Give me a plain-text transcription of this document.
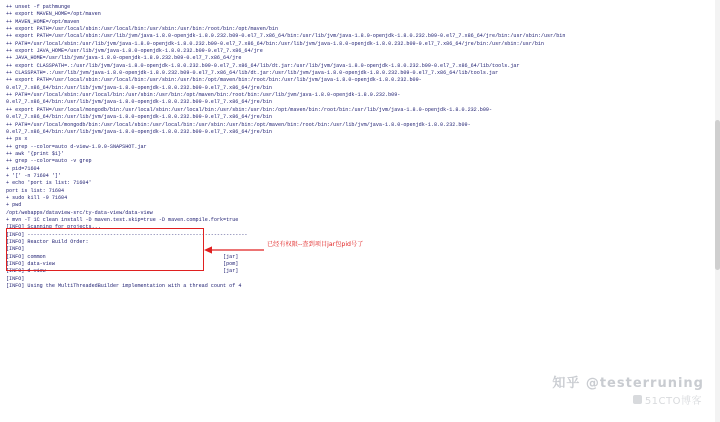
++ unset -f pathmunge
++ export MAVEN_HOME=/opt/maven
++ MAVEN_HOME=/opt/maven
++ export PATH=/usr/local/sbin:/usr/local/bin:/usr/sbin:/usr/bin:/root/bin:/opt/maven/bin
++ export PATH=/usr/local/sbin:/usr/lib/jvm/java-1.8.0-openjdk-1.8.0.232.b09-0.el7_7.x86_64/bin:/usr/lib/jvm/java-1.8.0-openjdk-1.8.0.232.b09-0.el7_7.x86_64/jre/bin:/usr/sbin:/usr/bin
++ PATH=/usr/local/sbin:/usr/lib/jvm/java-1.8.0-openjdk-1.8.0.232.b09-0.el7_7.x86_64/bin:/usr/lib/jvm/java-1.8.0-openjdk-1.8.0.232.b09-0.el7_7.x86_64/jre/bin:/usr/sbin:/usr/bin
++ export JAVA_HOME=/usr/lib/jvm/java-1.8.0-openjdk-1.8.0.232.b09-0.el7_7.x86_64/jre
++ JAVA_HOME=/usr/lib/jvm/java-1.8.0-openjdk-1.8.0.232.b09-0.el7_7.x86_64/jre
++ export CLASSPATH=.:/usr/lib/jvm/java-1.8.0-openjdk-1.8.0.232.b09-0.el7_7.x86_64/lib/dt.jar:/usr/lib/jvm/java-1.8.0-openjdk-1.8.0.232.b09-0.el7_7.x86_64/lib/tools.jar
++ CLASSPATH=.:/usr/lib/jvm/java-1.8.0-openjdk-1.8.0.232.b09-0.el7_7.x86_64/lib/dt.jar:/usr/lib/jvm/java-1.8.0-openjdk-1.8.0.232.b09-0.el7_7.x86_64/lib/tools.jar
++ export PATH=/usr/local/sbin:/usr/local/bin:/usr/sbin:/usr/bin:/opt/maven/bin:/root/bin:/usr/lib/jvm/java-1.8.0-openjdk-1.8.0.232.b09-
0.el7_7.x86_64/bin:/usr/lib/jvm/java-1.8.0-openjdk-1.8.0.232.b09-0.el7_7.x86_64/jre/bin
++ PATH=/usr/local/sbin:/usr/local/bin:/usr/sbin:/usr/bin:/opt/maven/bin:/root/bin:/usr/lib/jvm/java-1.8.0-openjdk-1.8.0.232.b09-
0.el7_7.x86_64/bin:/usr/lib/jvm/java-1.8.0-openjdk-1.8.0.232.b09-0.el7_7.x86_64/jre/bin
++ export PATH=/usr/local/mongodb/bin:/usr/local/sbin:/usr/local/bin:/usr/sbin:/usr/bin:/opt/maven/bin:/root/bin:/usr/lib/jvm/java-1.8.0-openjdk-1.8.0.232.b09-
0.el7_7.x86_64/bin:/usr/lib/jvm/java-1.8.0-openjdk-1.8.0.232.b09-0.el7_7.x86_64/jre/bin
++ PATH=/usr/local/mongodb/bin:/usr/local/sbin:/usr/local/bin:/usr/sbin:/usr/bin:/opt/maven/bin:/root/bin:/usr/lib/jvm/java-1.8.0-openjdk-1.8.0.232.b09-
0.el7_7.x86_64/bin:/usr/lib/jvm/java-1.8.0-openjdk-1.8.0.232.b09-0.el7_7.x86_64/jre/bin
++ ps x
++ grep --color=auto d-view-1.0.0-SNAPSHOT.jar
++ awk '{print $1}'
++ grep --color=auto -v grep
+ pid=71604
+ '[' -n 71604 ']'
+ echo 'port is list: 71604'
port is list: 71604
+ sudo kill -9 71604
+ pwd
/opt/webapps/dataview-src/ty-data-view/data-view
+ mvn -T 1C clean install -D maven.test.skip=true -D maven.compile.fork=true
[INFO] Scanning for projects...
[INFO] ------------------------------------------------------------------------
[INFO] Reactor Build Order:
[INFO]
[INFO] common                                                          [jar]
[INFO] data-view                                                       [pom]
[INFO] d-view                                                          [jar]
[INFO]
[INFO] Using the MultiThreadedBuilder implementation with a thread count of 4
已经有权限--查到项目jar包pid号了
知乎 @testerruning
51CTO博客
